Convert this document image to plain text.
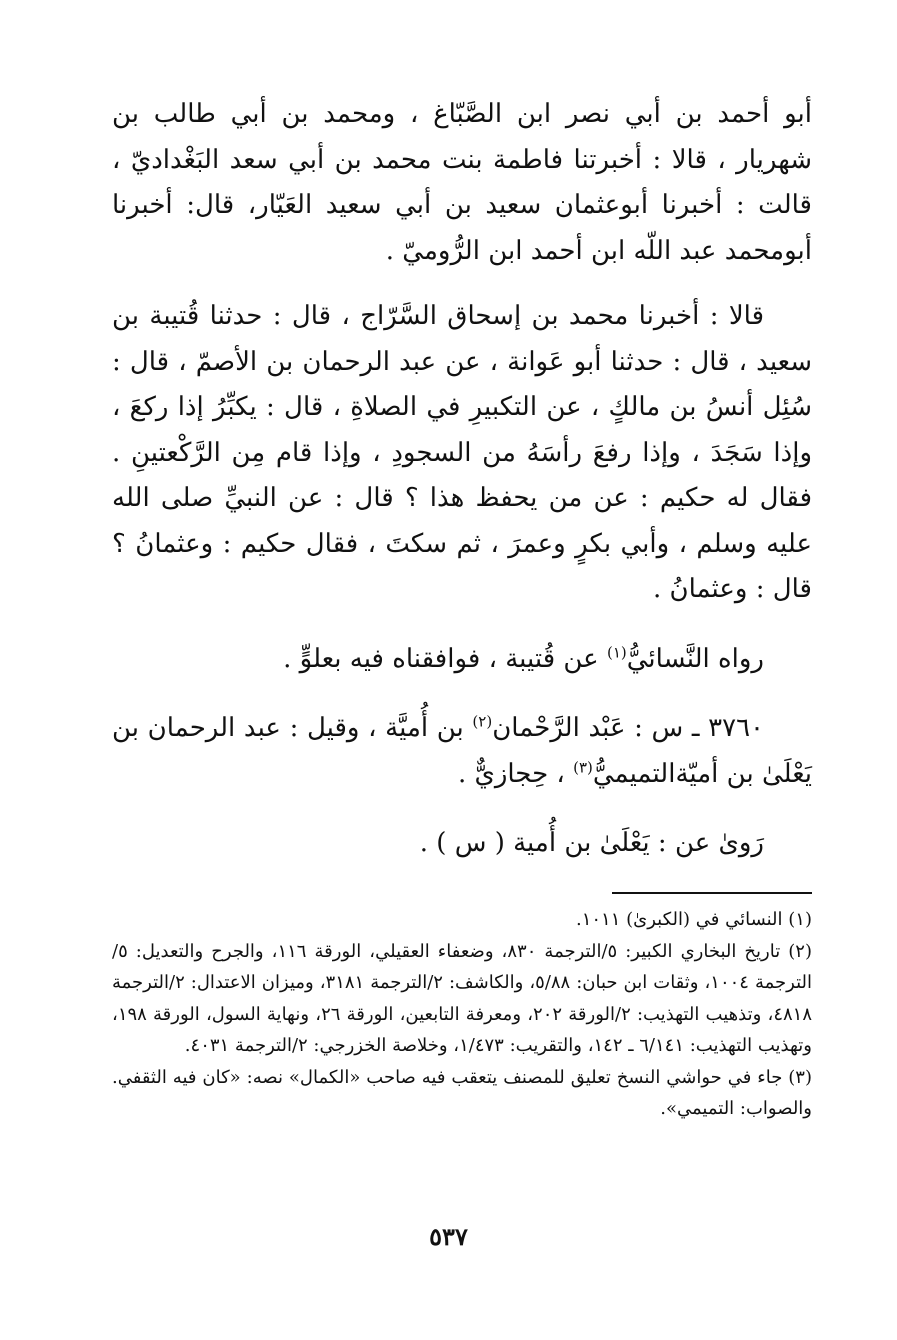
أبو أحمد بن أبي نصر ابن الصَّبّاغ ، ومحمد بن أبي طالب بن شهريار ، قالا : أخبرتنا فاطمة بنت محمد بن أبي سعد البَغْداديّ ، قالت : أخبرنا أبوعثمان سعيد بن أبي سعيد العَيّار، قال: أخبرنا أبومحمد عبد اللّه ابن أحمد ابن الرُّوميّ .

قالا : أخبرنا محمد بن إسحاق السَّرّاج ، قال : حدثنا قُتيبة بن سعيد ، قال : حدثنا أبو عَوانة ، عن عبد الرحمان بن الأصمّ ، قال : سُئِل أنسُ بن مالكٍ ، عن التكبيرِ في الصلاةِ ، قال : يكبِّرُ إذا ركعَ ، وإذا سَجَدَ ، وإذا رفعَ رأسَهُ من السجودِ ، وإذا قام مِن الرَّكْعتينِ . فقال له حكيم : عن من يحفظ هذا ؟ قال : عن النبيِّ صلى الله عليه وسلم ، وأبي بكرٍ وعمرَ ، ثم سكتَ ، فقال حكيم : وعثمانُ ؟ قال : وعثمانُ .

رواه النَّسائيُّ$^{(١)}$ عن قُتيبة ، فوافقناه فيه بعلوٍّ .

٣٧٦٠ ـ س : عَبْد الرَّحْمان$^{(٢)}$ بن أُميَّة ، وقيل : عبد الرحمان بن يَعْلَىٰ بن أميّةالتميميُّ$^{(٣)}$ ، حِجازيٌّ .

رَوىٰ عن : يَعْلَىٰ بن أُمية ( س ) .

(١) النسائي في (الكبرىٰ) ١٠١١.

(٢) تاريخ البخاري الكبير: ٥/الترجمة ٨٣٠، وضعفاء العقيلي، الورقة ١١٦، والجرح والتعديل: ٥/الترجمة ١٠٠٤، وثقات ابن حبان: ٥/٨٨، والكاشف: ٢/الترجمة ٣١٨١، وميزان الاعتدال: ٢/الترجمة ٤٨١٨، وتذهيب التهذيب: ٢/الورقة ٢٠٢، ومعرفة التابعين، الورقة ٢٦، ونهاية السول، الورقة ١٩٨، وتهذيب التهذيب: ٦/١٤١ ـ ١٤٢، والتقريب: ١/٤٧٣، وخلاصة الخزرجي: ٢/الترجمة ٤٠٣١.

(٣) جاء في حواشي النسخ تعليق للمصنف يتعقب فيه صاحب «الكمال» نصه: «كان فيه الثقفي. والصواب: التميمي».

٥٣٧
